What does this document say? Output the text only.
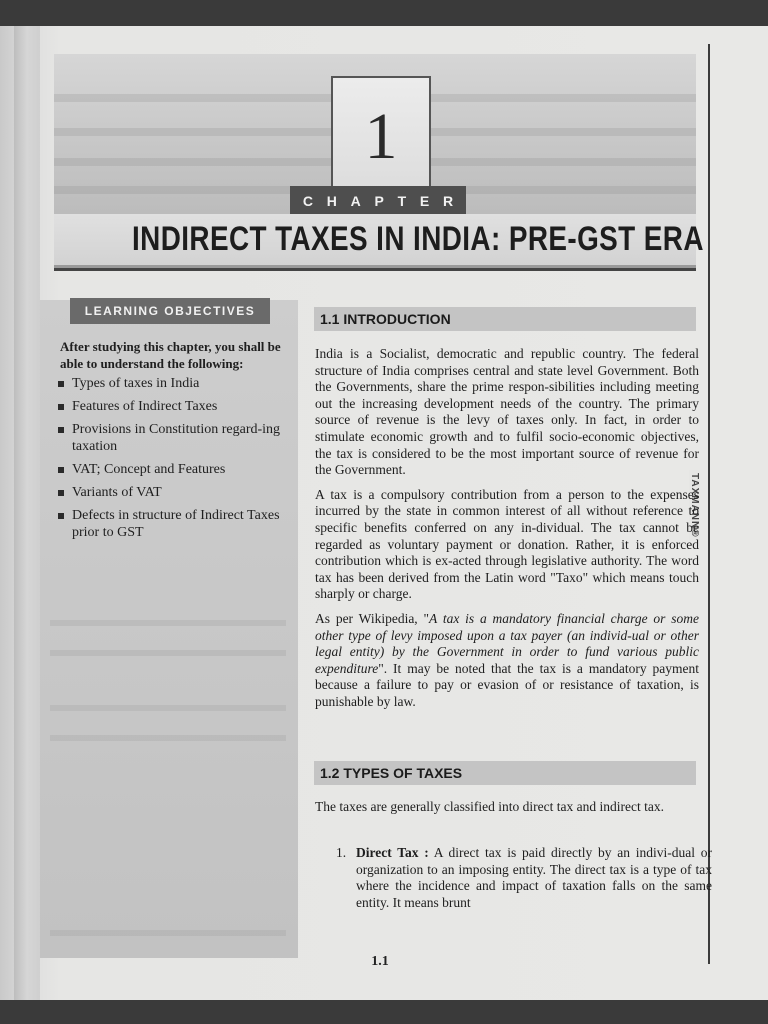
TAXMANN®
1
C H A P T E R
INDIRECT TAXES IN INDIA: PRE-GST ERA
LEARNING OBJECTIVES
After studying this chapter, you shall be able to understand the following:
Types of taxes in India
Features of Indirect Taxes
Provisions in Constitution regard-ing taxation
VAT; Concept and Features
Variants of VAT
Defects in structure of Indirect Taxes prior to GST
1.1 INTRODUCTION

India is a Socialist, democratic and republic country. The federal structure of India comprises central and state level Government. Both the Governments, share the prime respon-sibilities including meeting out the increasing development needs of the country. The primary source of revenue is the levy of taxes only. In fact, in order to stimulate economic growth and to fulfil socio-economic objectives, the tax is considered to be the most important source of revenue for the Government.

A tax is a compulsory contribution from a person to the expenses incurred by the state in common interest of all without reference to specific benefits conferred on any in-dividual. The tax cannot be regarded as voluntary payment or donation. Rather, it is enforced contribution which is ex-acted through legislative authority. The word tax has been derived from the Latin word "Taxo" which means touch sharply or charge.

As per Wikipedia, "A tax is a mandatory financial charge or some other type of levy imposed upon a tax payer (an individ-ual or other legal entity) by the Government in order to fund various public expenditure". It may be noted that the tax is a mandatory payment because a failure to pay or evasion of or resistance of taxation, is punishable by law.

1.2 TYPES OF TAXES
The taxes are generally classified into direct tax and indirect tax.
1. Direct Tax : A direct tax is paid directly by an indivi-dual or organization to an imposing entity. The direct tax is a type of tax where the incidence and impact of taxation falls on the same entity. It means brunt
1.1
